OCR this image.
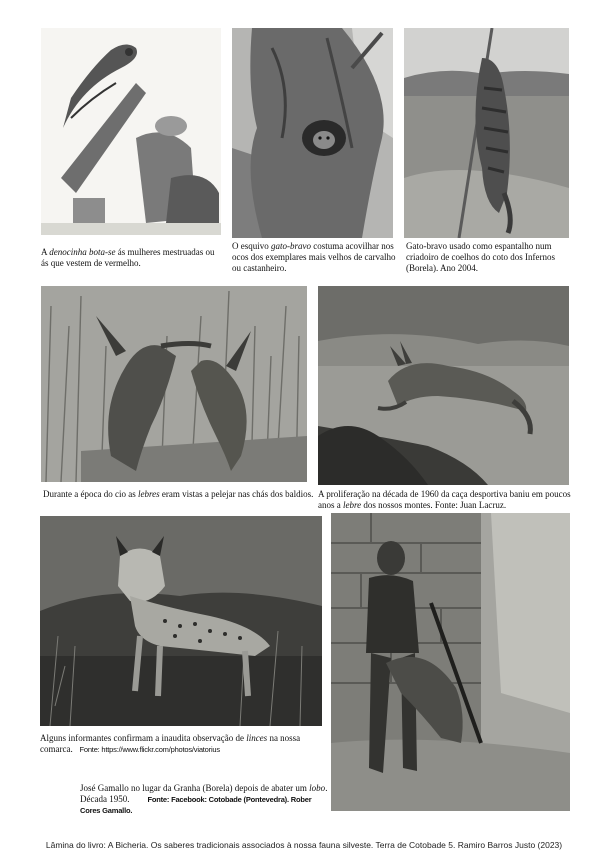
A denocinha bota-se ás mulheres mestruadas ou ás que vestem de vermelho.
O esquivo gato-bravo costuma acovilhar nos ocos dos exemplares mais velhos de carvalho ou castanheiro.
Gato-bravo usado como espantalho num criadoiro de coelhos do coto dos Infernos (Borela). Ano 2004.
Durante a época do cio as lebres eram vistas a pelejar nas chás dos baldios. A proliferação na década de 1960 da caça desportiva baniu em poucos anos a lebre dos nossos montes. Fonte: Juan Lacruz.
Alguns informantes confirmam a inaudita observação de linces na nossa comarca. Fonte: https://www.flickr.com/photos/viatorius
José Gamallo no lugar da Granha (Borela) depois de abater um lobo.
Década 1950. Fonte: Facebook: Cotobade (Pontevedra). Rober Cores Gamallo.
Lâmina do livro: A Bicheria. Os saberes tradicionais associados à nossa fauna silveste. Terra de Cotobade 5. Ramiro Barros Justo (2023)
